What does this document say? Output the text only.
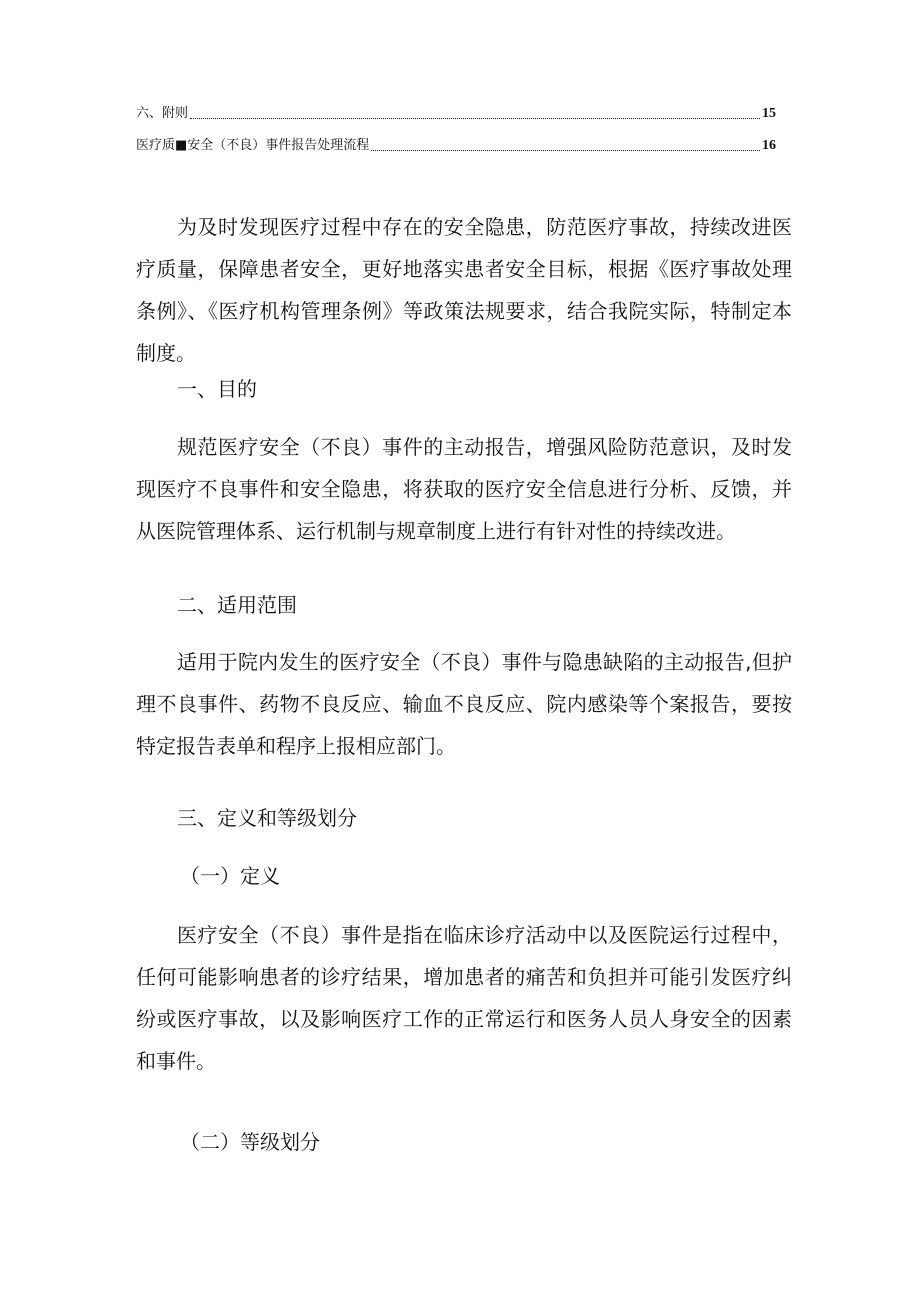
六、附则	15
医疗质■安全（不良）事件报告处理流程	16

为及时发现医疗过程中存在的安全隐患，防范医疗事故，持续改进医疗质量，保障患者安全，更好地落实患者安全目标，根据《医疗事故处理条例》、《医疗机构管理条例》等政策法规要求，结合我院实际，特制定本制度。

一、目的

规范医疗安全（不良）事件的主动报告，增强风险防范意识，及时发现医疗不良事件和安全隐患，将获取的医疗安全信息进行分析、反馈，并从医院管理体系、运行机制与规章制度上进行有针对性的持续改进。

二、适用范围

适用于院内发生的医疗安全（不良）事件与隐患缺陷的主动报告,但护理不良事件、药物不良反应、输血不良反应、院内感染等个案报告，要按特定报告表单和程序上报相应部门。

三、定义和等级划分

（一）定义

医疗安全（不良）事件是指在临床诊疗活动中以及医院运行过程中，任何可能影响患者的诊疗结果，增加患者的痛苦和负担并可能引发医疗纠纷或医疗事故，以及影响医疗工作的正常运行和医务人员人身安全的因素和事件。

（二）等级划分
